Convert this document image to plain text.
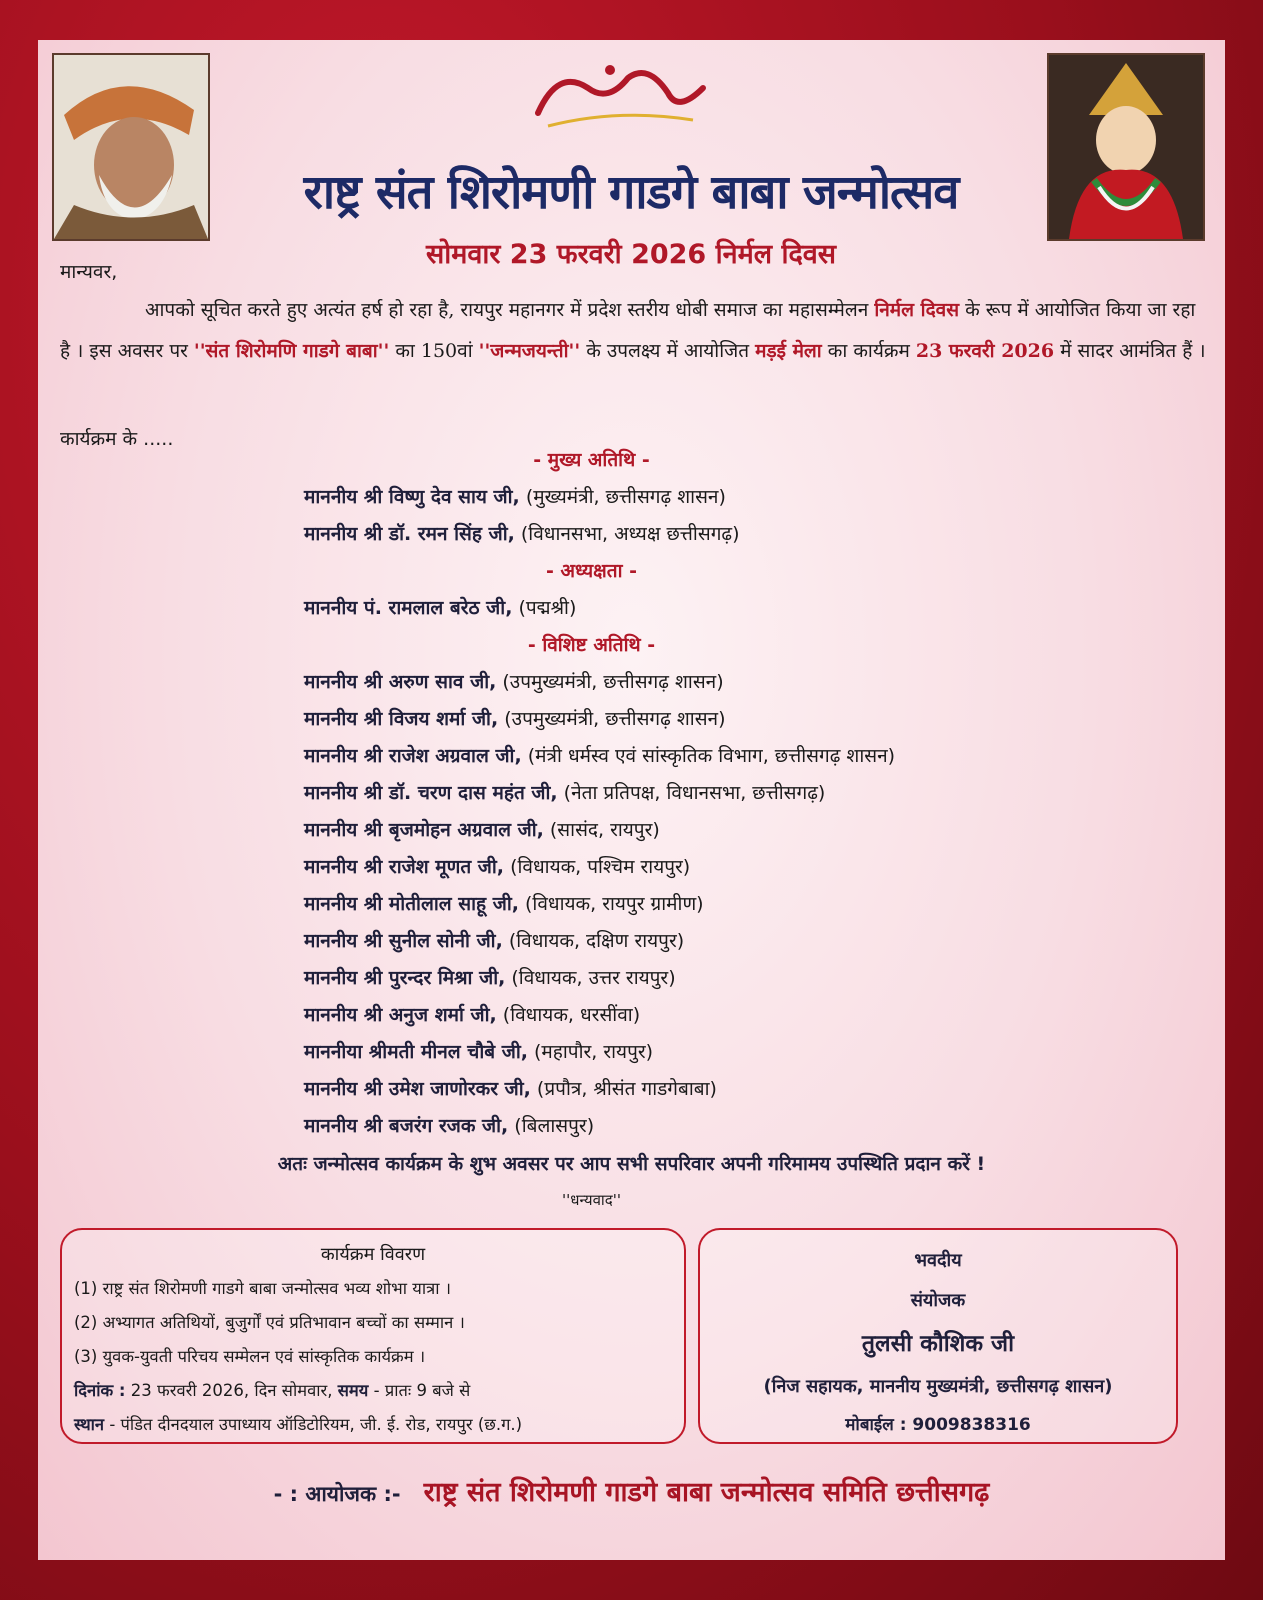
राष्ट्र संत शिरोमणी गाडगे बाबा जन्मोत्सव
सोमवार 23 फरवरी 2026 निर्मल दिवस
मान्यवर,
आपको सूचित करते हुए अत्यंत हर्ष हो रहा है, रायपुर महानगर में प्रदेश स्तरीय धोबी समाज का महासम्मेलन निर्मल दिवस के रूप में आयोजित किया जा रहा है । इस अवसर पर ''संत शिरोमणि गाडगे बाबा'' का 150वां ''जन्मजयन्ती'' के उपलक्ष्य में आयोजित मड़ई मेला का कार्यक्रम 23 फरवरी 2026 में सादर आमंत्रित हैं ।
कार्यक्रम के .....
- मुख्य अतिथि -
माननीय श्री विष्णु देव साय जी, (मुख्यमंत्री, छत्तीसगढ़ शासन)
माननीय श्री डॉ. रमन सिंह जी, (विधानसभा, अध्यक्ष छत्तीसगढ़)
- अध्यक्षता -
माननीय पं. रामलाल बरेठ जी, (पद्मश्री)
- विशिष्ट अतिथि -
माननीय श्री अरुण साव जी, (उपमुख्यमंत्री, छत्तीसगढ़ शासन)
माननीय श्री विजय शर्मा जी, (उपमुख्यमंत्री, छत्तीसगढ़ शासन)
माननीय श्री राजेश अग्रवाल जी, (मंत्री धर्मस्व एवं सांस्कृतिक विभाग, छत्तीसगढ़ शासन)
माननीय श्री डॉ. चरण दास महंत जी, (नेता प्रतिपक्ष, विधानसभा, छत्तीसगढ़)
माननीय श्री बृजमोहन अग्रवाल जी, (सासंद, रायपुर)
माननीय श्री राजेश मूणत जी, (विधायक, पश्चिम रायपुर)
माननीय श्री मोतीलाल साहू जी, (विधायक, रायपुर ग्रामीण)
माननीय श्री सुनील सोनी जी, (विधायक, दक्षिण रायपुर)
माननीय श्री पुरन्दर मिश्रा जी, (विधायक, उत्तर रायपुर)
माननीय श्री अनुज शर्मा जी, (विधायक, धरसींवा)
माननीया श्रीमती मीनल चौबे जी, (महापौर, रायपुर)
माननीय श्री उमेश जाणोरकर जी, (प्रपौत्र, श्रीसंत गाडगेबाबा)
माननीय श्री बजरंग रजक जी, (बिलासपुर)
अतः जन्मोत्सव कार्यक्रम के शुभ अवसर पर आप सभी सपरिवार अपनी गरिमामय उपस्थिति प्रदान करें !
''धन्यवाद''
कार्यक्रम विवरण
(1) राष्ट्र संत शिरोमणी गाडगे बाबा जन्मोत्सव भव्य शोभा यात्रा ।
(2) अभ्यागत अतिथियों, बुजुर्गों एवं प्रतिभावान बच्चों का सम्मान ।
(3) युवक-युवती परिचय सम्मेलन एवं सांस्कृतिक कार्यक्रम ।
दिनांक : 23 फरवरी 2026, दिन सोमवार, समय - प्रातः 9 बजे से
स्थान - पंडित दीनदयाल उपाध्याय ऑडिटोरियम, जी. ई. रोड, रायपुर (छ.ग.)
भवदीय
संयोजक
तुलसी कौशिक जी
(निज सहायक, माननीय मुख्यमंत्री, छत्तीसगढ़ शासन)
मोबाईल : 9009838316
- : आयोजक :- राष्ट्र संत शिरोमणी गाडगे बाबा जन्मोत्सव समिति छत्तीसगढ़
